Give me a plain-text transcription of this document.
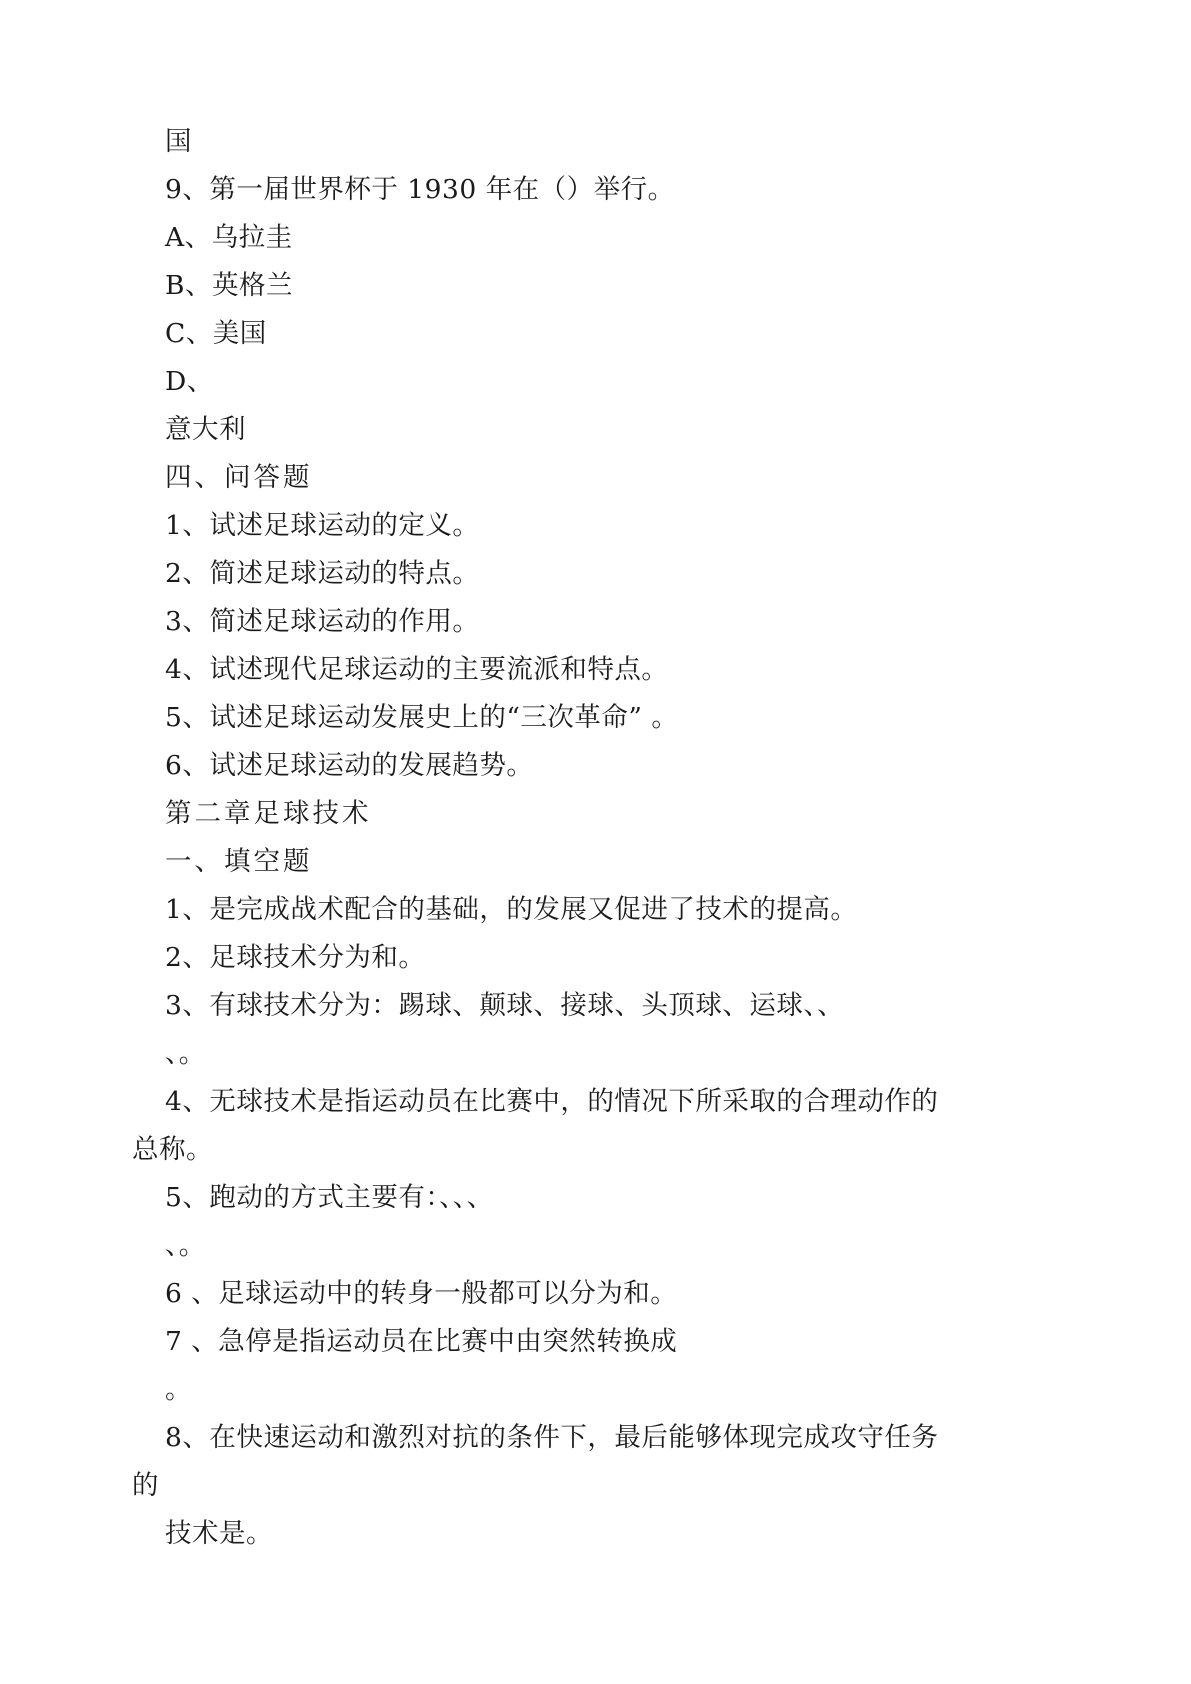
国
9、第一届世界杯于 1930 年在（）举行。
A、乌拉圭
B、英格兰
C、美国
D、
意大利
四、问答题
1、试述足球运动的定义。
2、简述足球运动的特点。
3、简述足球运动的作用。
4、试述现代足球运动的主要流派和特点。
5、试述足球运动发展史上的“三次革命” 。
6、试述足球运动的发展趋势。
第二章足球技术
一、填空题
1、是完成战术配合的基础，的发展又促进了技术的提高。
2、足球技术分为和。
3、有球技术分为：踢球、颠球、接球、头顶球、运球、、
、。
4、无球技术是指运动员在比赛中，的情况下所采取的合理动作的
总称。
5、跑动的方式主要有：、、、
、。
6 、足球运动中的转身一般都可以分为和。
7 、急停是指运动员在比赛中由突然转换成
。
8、在快速运动和激烈对抗的条件下，最后能够体现完成攻守任务
的
技术是。
